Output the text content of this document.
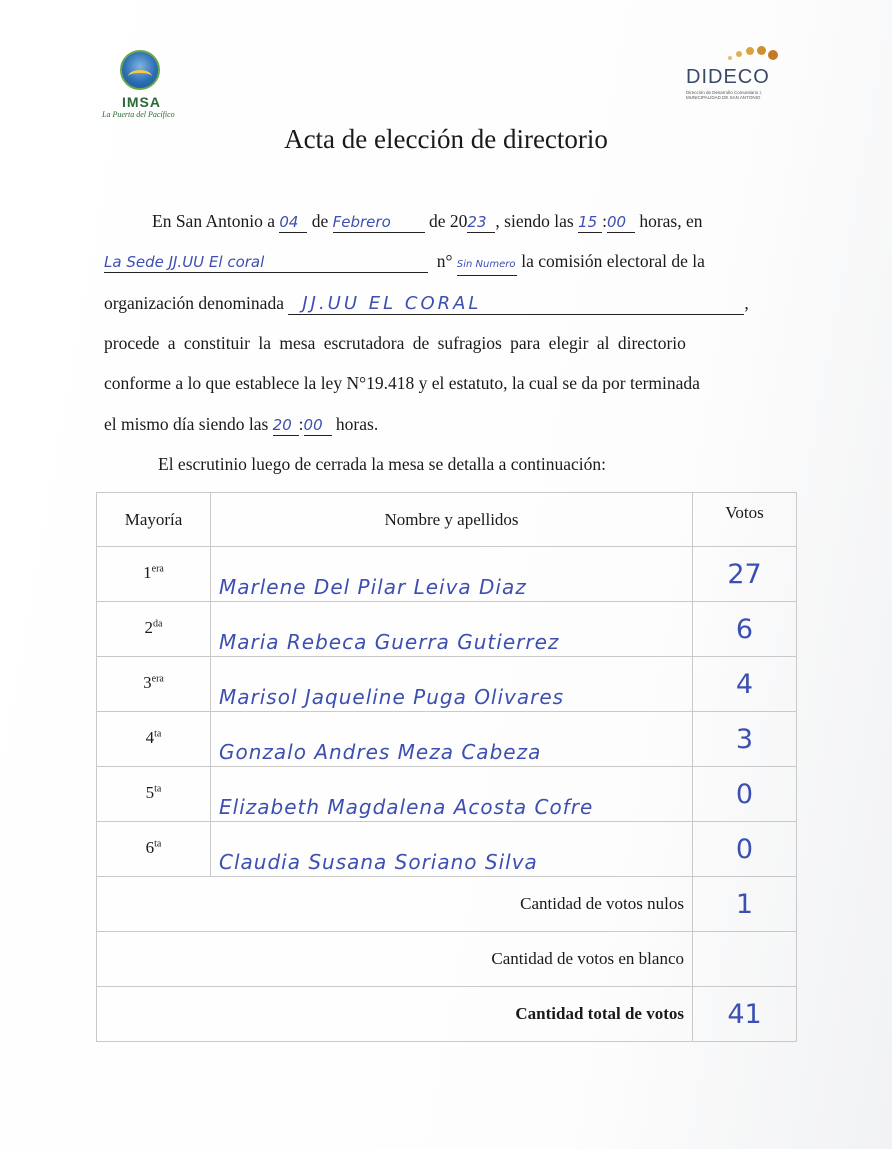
IMSA
La Puerta del Pacífico
DIDECO
Dirección de Desarrollo Comunitario I. MUNICIPALIDAD DE SAN ANTONIO
Acta de elección de directorio
En San Antonio a 04 de Febrero de 2023 , siendo las 15 :00 horas, en
La Sede JJ.UU El coral	n° Sin Numero la comisión electoral de la
organización denominada JJ.UU EL CORAL	,
procede a constituir la mesa escrutadora de sufragios para elegir al directorio
conforme a lo que establece la ley N°19.418 y el estatuto, la cual se da por terminada
el mismo día siendo las 20 :00 horas.
El escrutinio luego de cerrada la mesa se detalla a continuación:
Mayoría	Nombre y apellidos	Votos
$1^{era}$	Marlene Del Pilar Leiva Diaz	27
$2^{da}$	Maria Rebeca Guerra Gutierrez	6
$3^{era}$	Marisol Jaqueline Puga Olivares	4
$4^{ta}$	Gonzalo Andres Meza Cabeza	3
$5^{ta}$	Elizabeth Magdalena Acosta Cofre	0
$6^{ta}$	Claudia Susana Soriano Silva	0
Cantidad de votos nulos		1
Cantidad de votos en blanco		
Cantidad total de votos		41
